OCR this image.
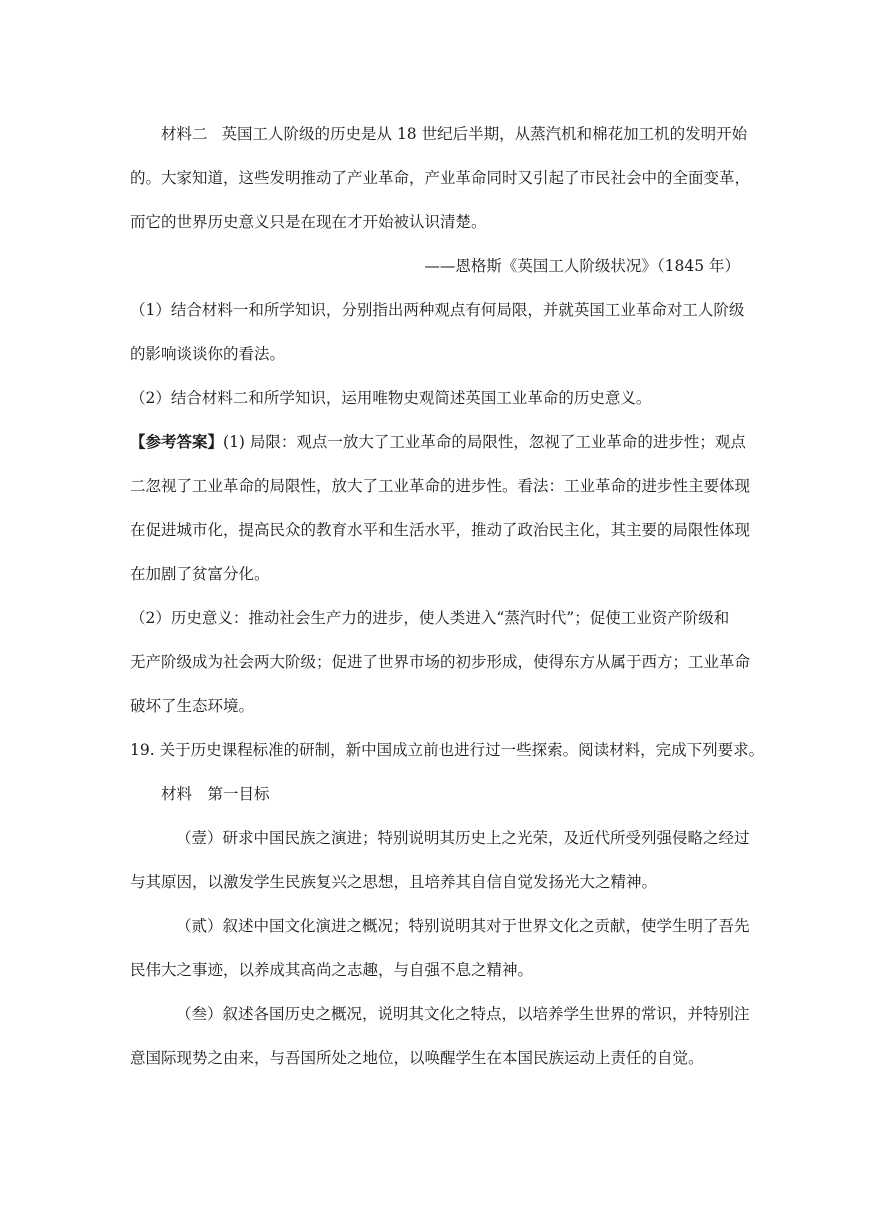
材料二 英国工人阶级的历史是从 18 世纪后半期，从蒸汽机和棉花加工机的发明开始
的。大家知道，这些发明推动了产业革命，产业革命同时又引起了市民社会中的全面变革，
而它的世界历史意义只是在现在才开始被认识清楚。
——恩格斯《英国工人阶级状况》（1845 年）
（1）结合材料一和所学知识，分别指出两种观点有何局限，并就英国工业革命对工人阶级
的影响谈谈你的看法。
（2）结合材料二和所学知识，运用唯物史观简述英国工业革命的历史意义。
【参考答案】(1) 局限：观点一放大了工业革命的局限性，忽视了工业革命的进步性；观点
二忽视了工业革命的局限性，放大了工业革命的进步性。看法：工业革命的进步性主要体现
在促进城市化，提高民众的教育水平和生活水平，推动了政治民主化，其主要的局限性体现
在加剧了贫富分化。
（2）历史意义：推动社会生产力的进步，使人类进入“蒸汽时代”；促使工业资产阶级和
无产阶级成为社会两大阶级；促进了世界市场的初步形成，使得东方从属于西方；工业革命
破坏了生态环境。
19. 关于历史课程标准的研制，新中国成立前也进行过一些探索。阅读材料，完成下列要求。
材料　第一目标
（壹）研求中国民族之演进；特别说明其历史上之光荣，及近代所受列强侵略之经过
与其原因，以激发学生民族复兴之思想，且培养其自信自觉发扬光大之精神。
（贰）叙述中国文化演进之概况；特别说明其对于世界文化之贡献，使学生明了吾先
民伟大之事迹，以养成其高尚之志趣，与自强不息之精神。
（叁）叙述各国历史之概况，说明其文化之特点，以培养学生世界的常识，并特别注
意国际现势之由来，与吾国所处之地位，以唤醒学生在本国民族运动上责任的自觉。
